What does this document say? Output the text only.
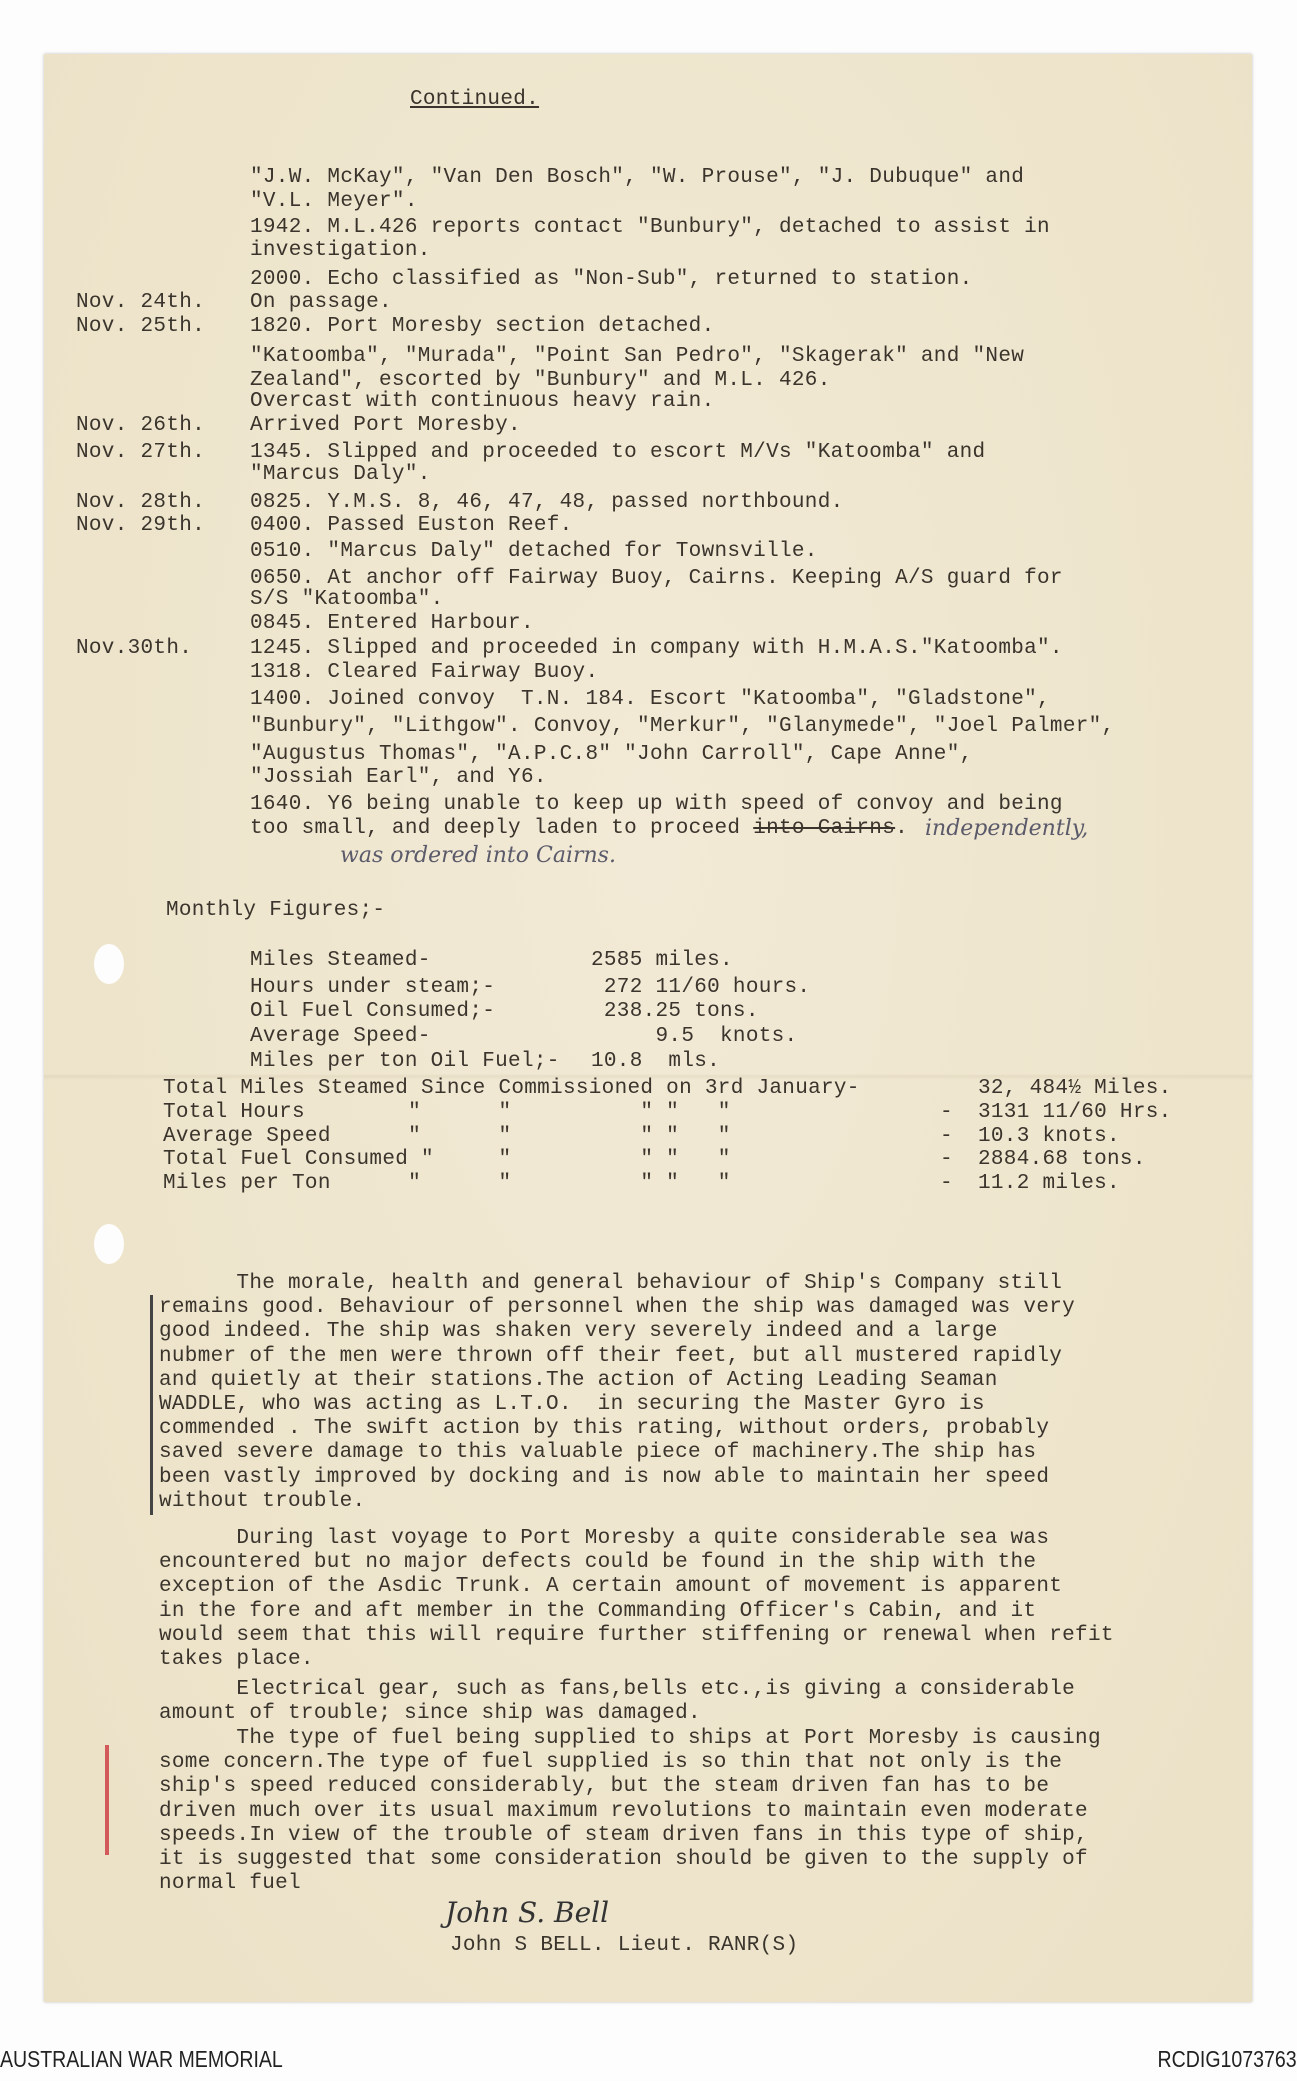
Continued.
"J.W. McKay", "Van Den Bosch", "W. Prouse", "J. Dubuque" and
"V.L. Meyer".
1942. M.L.426 reports contact "Bunbury", detached to assist in
investigation.
2000. Echo classified as "Non-Sub", returned to station.
Nov. 24th. On passage.
Nov. 25th. 1820. Port Moresby section detached.
"Katoomba", "Murada", "Point San Pedro", "Skagerak" and "New
Zealand", escorted by "Bunbury" and M.L. 426.
Overcast with continuous heavy rain.
Nov. 26th. Arrived Port Moresby.
Nov. 27th. 1345. Slipped and proceeded to escort M/Vs "Katoomba" and
"Marcus Daly".
Nov. 28th. 0825. Y.M.S. 8, 46, 47, 48, passed northbound.
Nov. 29th. 0400. Passed Euston Reef.
0510. "Marcus Daly" detached for Townsville.
0650. At anchor off Fairway Buoy, Cairns. Keeping A/S guard for
S/S "Katoomba".
0845. Entered Harbour.
Nov.30th.	1245. Slipped and proceeded in company with H.M.A.S."Katoomba".
1318. Cleared Fairway Buoy.
1400. Joined convoy  T.N. 184. Escort "Katoomba", "Gladstone",
"Bunbury", "Lithgow". Convoy, "Merkur", "Glanymede", "Joel Palmer",
"Augustus Thomas", "A.P.C.8" "John Carroll", Cape Anne",
"Jossiah Earl", and Y6.
1640. Y6 being unable to keep up with speed of convoy and being
too small, and deeply laden to proceed into Cairns. independently,
was ordered into Cairns.
Monthly Figures;-
Miles Steamed-	2585 miles.
Hours under steam;-	272 11/60 hours.
Oil Fuel Consumed;-	238.25 tons.
Average Speed-	9.5  knots.
Miles per ton Oil Fuel;- 10.8  mls.
Total Miles Steamed Since Commissioned on 3rd January-	32, 484½ Miles.
Total Hours        "      "          " "   "	- 3131 11/60 Hrs.
Average Speed      "      "          " "   "	- 10.3 knots.
Total Fuel Consumed "     "          " "   "	- 2884.68 tons.
Miles per Ton      "      "          " "   "	- 11.2 miles.
The morale, health and general behaviour of Ship's Company still
remains good. Behaviour of personnel when the ship was damaged was very
good indeed. The ship was shaken very severely indeed and a large
nubmer of the men were thrown off their feet, but all mustered rapidly
and quietly at their stations.The action of Acting Leading Seaman
WADDLE, who was acting as L.T.O.  in securing the Master Gyro is
commended . The swift action by this rating, without orders, probably
saved severe damage to this valuable piece of machinery.The ship has
been vastly improved by docking and is now able to maintain her speed
without trouble.
During last voyage to Port Moresby a quite considerable sea was
encountered but no major defects could be found in the ship with the
exception of the Asdic Trunk. A certain amount of movement is apparent
in the fore and aft member in the Commanding Officer's Cabin, and it
would seem that this will require further stiffening or renewal when refit
takes place.
Electrical gear, such as fans,bells etc.,is giving a considerable
amount of trouble; since ship was damaged.
The type of fuel being supplied to ships at Port Moresby is causing
some concern.The type of fuel supplied is so thin that not only is the
ship's speed reduced considerably, but the steam driven fan has to be
driven much over its usual maximum revolutions to maintain even moderate
speeds.In view of the trouble of steam driven fans in this type of ship,
it is suggested that some consideration should be given to the supply of
normal fuel
John S. Bell
John S BELL. Lieut. RANR(S)
AUSTRALIAN WAR MEMORIAL	RCDIG1073763
